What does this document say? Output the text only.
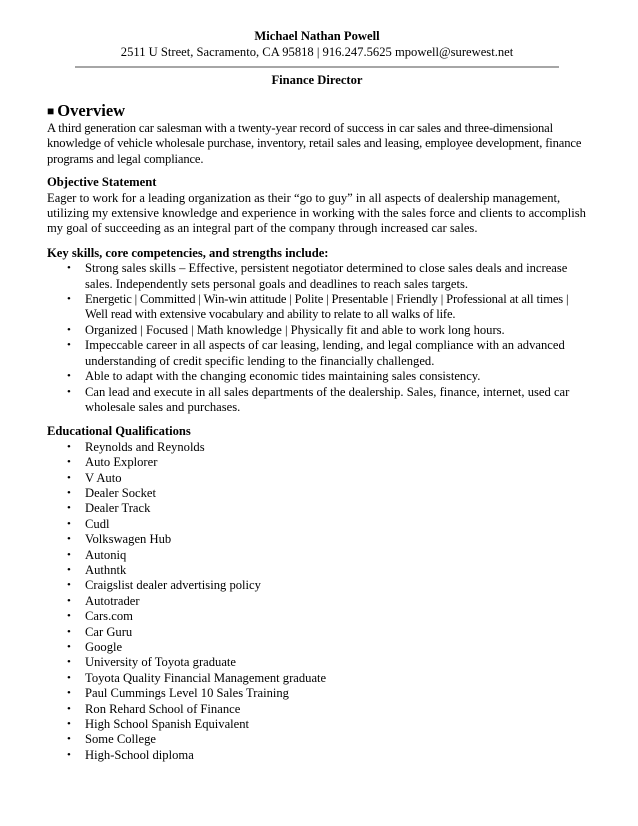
Michael Nathan Powell
2511 U Street, Sacramento, CA 95818 | 916.247.5625 mpowell@surewest.net
Finance Director
■ Overview

A third generation car salesman with a twenty-year record of success in car sales and three-dimensional knowledge of vehicle wholesale purchase, inventory, retail sales and leasing, employee development, finance programs and legal compliance.

Objective Statement

Eager to work for a leading organization as their “go to guy” in all aspects of dealership management, utilizing my extensive knowledge and experience in working with the sales force and clients to accomplish my goal of succeeding as an integral part of the company through increased car sales.

Key skills, core competencies, and strengths include:
• Strong sales skills – Effective, persistent negotiator determined to close sales deals and increase sales. Independently sets personal goals and deadlines to reach sales targets.
• Energetic | Committed | Win-win attitude | Polite | Presentable | Friendly | Professional at all times | Well read with extensive vocabulary and ability to relate to all walks of life.
• Organized | Focused | Math knowledge | Physically fit and able to work long hours.
• Impeccable career in all aspects of car leasing, lending, and legal compliance with an advanced understanding of credit specific lending to the financially challenged.
• Able to adapt with the changing economic tides maintaining sales consistency.
• Can lead and execute in all sales departments of the dealership. Sales, finance, internet, used car wholesale sales and purchases.
Educational Qualifications
• Reynolds and Reynolds
• Auto Explorer
• V Auto
• Dealer Socket
• Dealer Track
• Cudl
• Volkswagen Hub
• Autoniq
• Authntk
• Craigslist dealer advertising policy
• Autotrader
• Cars.com
• Car Guru
• Google
• University of Toyota graduate
• Toyota Quality Financial Management graduate
• Paul Cummings Level 10 Sales Training
• Ron Rehard School of Finance
• High School Spanish Equivalent
• Some College
• High-School diploma
